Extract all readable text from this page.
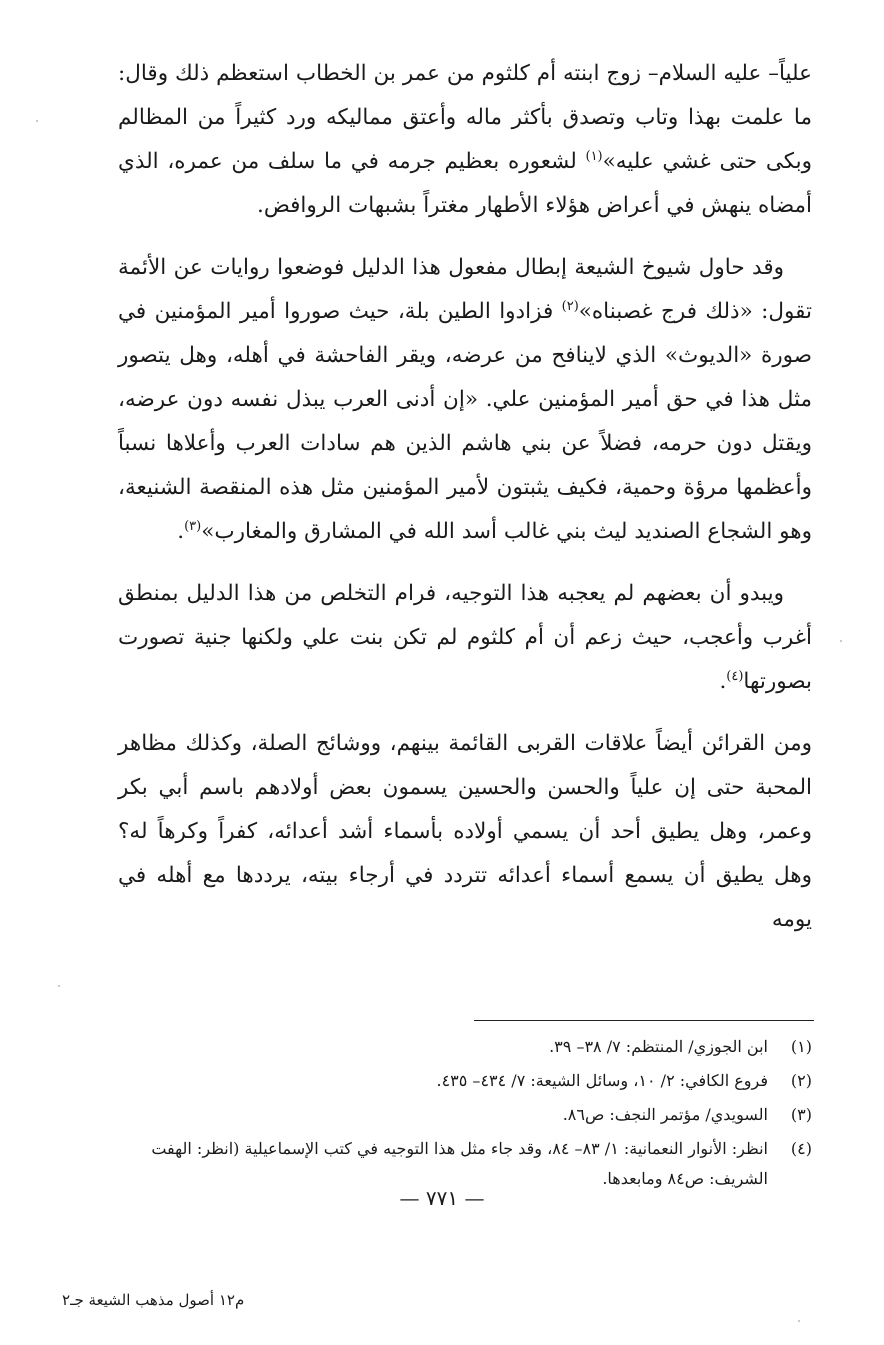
علياً– عليه السلام– زوج ابنته أم كلثوم من عمر بن الخطاب استعظم ذلك وقال: ما علمت بهذا وتاب وتصدق بأكثر ماله وأعتق مماليكه ورد كثيراً من المظالم وبكى حتى غشي عليه»$^{(١)}$ لشعوره بعظيم جرمه في ما سلف من عمره، الذي أمضاه ينهش في أعراض هؤلاء الأطهار مغتراً بشبهات الروافض.

وقد حاول شيوخ الشيعة إبطال مفعول هذا الدليل فوضعوا روايات عن الأئمة تقول: «ذلك فرج غصبناه»$^{(٢)}$ فزادوا الطين بلة، حيث صوروا أمير المؤمنين في صورة «الديوث» الذي لاينافح من عرضه، ويقر الفاحشة في أهله، وهل يتصور مثل هذا في حق أمير المؤمنين علي. «إن أدنى العرب يبذل نفسه دون عرضه، ويقتل دون حرمه، فضلاً عن بني هاشم الذين هم سادات العرب وأعلاها نسباً وأعظمها مرؤة وحمية، فكيف يثبتون لأمير المؤمنين مثل هذه المنقصة الشنيعة، وهو الشجاع الصنديد ليث بني غالب أسد الله في المشارق والمغارب»$^{(٣)}$.

ويبدو أن بعضهم لم يعجبه هذا التوجيه، فرام التخلص من هذا الدليل بمنطق أغرب وأعجب، حيث زعم أن أم كلثوم لم تكن بنت علي ولكنها جنية تصورت بصورتها$^{(٤)}$.

ومن القرائن أيضاً علاقات القربى القائمة بينهم، ووشائج الصلة، وكذلك مظاهر المحبة حتى إن علياً والحسن والحسين يسمون بعض أولادهم باسم أبي بكر وعمر، وهل يطيق أحد أن يسمي أولاده بأسماء أشد أعدائه، كفراً وكرهاً له؟ وهل يطيق أن يسمع أسماء أعدائه تتردد في أرجاء بيته، يرددها مع أهله في يومه

(١)
ابن الجوزي/ المنتظم: ٧/ ٣٨– ٣٩.
(٢)
فروع الكافي: ٢/ ١٠، وسائل الشيعة: ٧/ ٤٣٤– ٤٣٥.
(٣)
السويدي/ مؤتمر النجف: ص٨٦.
(٤)
انظر: الأنوار النعمانية: ١/ ٨٣– ٨٤، وقد جاء مثل هذا التوجيه في كتب الإسماعيلية (انظر: الهفت الشريف: ص٨٤ ومابعدها.
— ٧٧١ —
م١٢ أصول مذهب الشيعة جـ٢
